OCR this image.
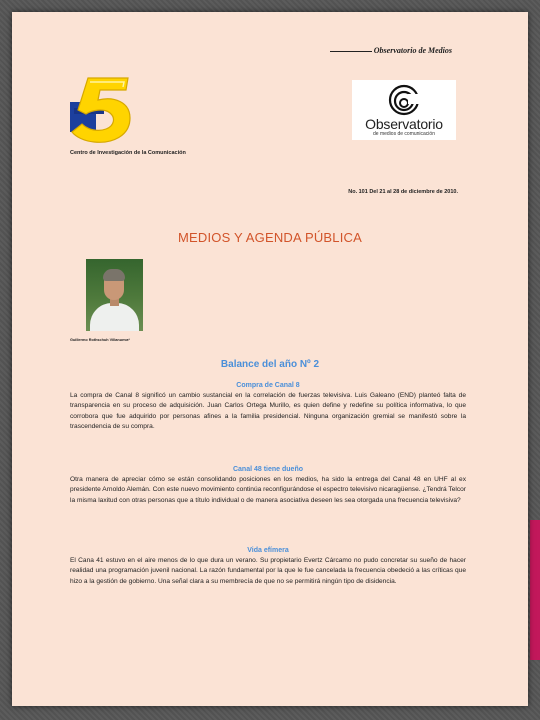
Observatorio de Medios
Observatorio
de medios de comunicación
Centro de Investigación de la Comunicación
No. 101 Del 21 al 28 de diciembre de 2010.
MEDIOS Y AGENDA PÚBLICA
Guillermo Rothschuh Villanueva*
Balance del año Nº 2
Compra de Canal 8

La compra de Canal 8 significó un cambio sustancial en la correlación de fuerzas televisiva. Luis Galeano (END) planteó falta de transparencia en su proceso de adquisición. Juan Carlos Ortega Murillo, es quien define y redefine su política informativa, lo que corrobora que fue adquirido por personas afines a la familia presidencial. Ninguna organización gremial se manifestó sobre la trascendencia de su compra.

Canal 48 tiene dueño

Otra manera de apreciar cómo se están consolidando posiciones en los medios, ha sido la entrega del Canal 48 en UHF al ex presidente Arnoldo Alemán. Con este nuevo movimiento continúa reconfigurándose el espectro televisivo nicaragüense. ¿Tendrá Telcor la misma laxitud con otras personas que a título individual o de manera asociativa deseen les sea otorgada una frecuencia televisiva?

Vida efímera

El Cana 41 estuvo en el aire menos de lo que dura un verano. Su propietario Evertz Cárcamo no pudo concretar su sueño de hacer realidad una programación juvenil nacional. La razón fundamental por la que le fue cancelada la frecuencia obedeció a las críticas que hizo a la gestión de gobierno. Una señal clara a su membrecía de que no se permitirá ningún tipo de disidencia.
